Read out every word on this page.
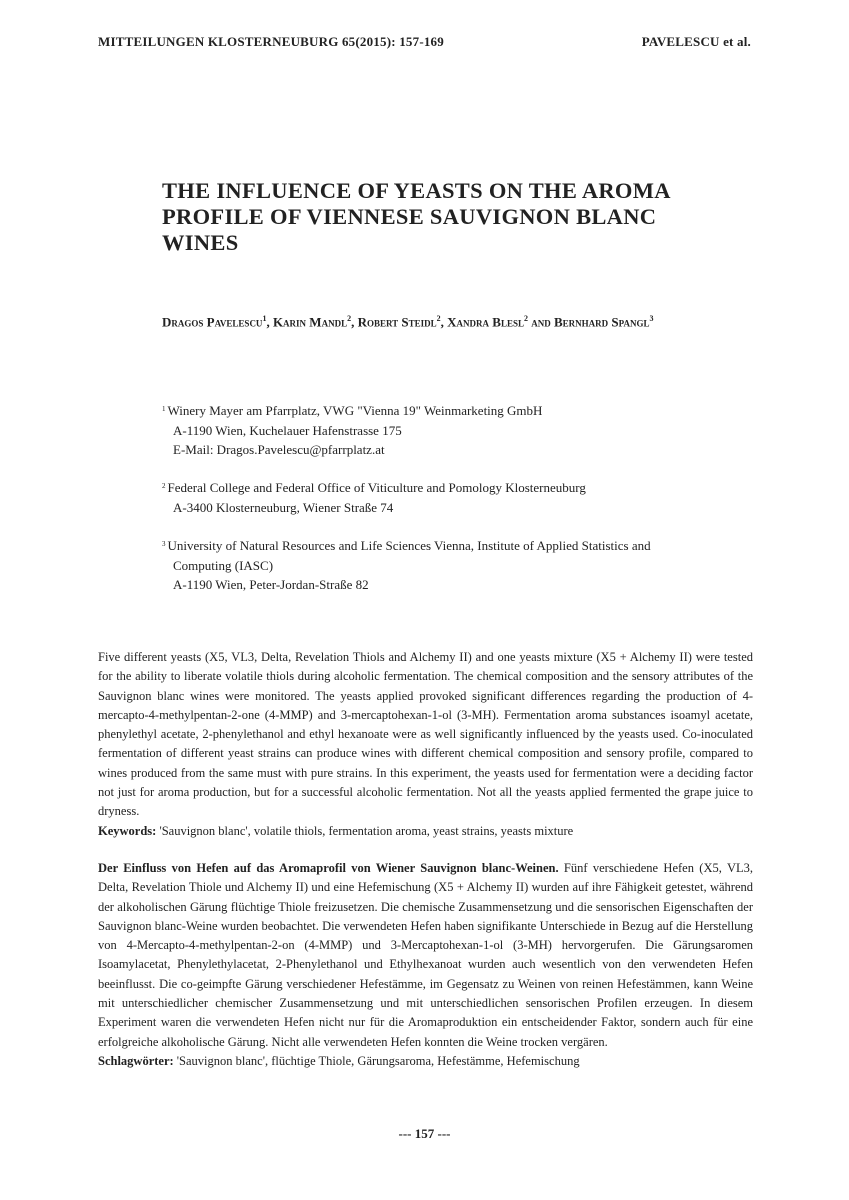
MITTEILUNGEN KLOSTERNEUBURG 65(2015): 157-169	PAVELESCU et al.
THE INFLUENCE OF YEASTS ON THE AROMA PROFILE OF VIENNESE SAUVIGNON BLANC WINES
Dragos Pavelescu$^1$, Karin Mandl$^2$, Robert Steidl$^2$, Xandra Blesl$^2$ and Bernhard Spangl$^3$
$^1$ Winery Mayer am Pfarrplatz, VWG "Vienna 19" Weinmarketing GmbH
A-1190 Wien, Kuchelauer Hafenstrasse 175
E-Mail: Dragos.Pavelescu@pfarrplatz.at
$^2$ Federal College and Federal Office of Viticulture and Pomology Klosterneuburg
A-3400 Klosterneuburg, Wiener Straße 74
$^3$ University of Natural Resources and Life Sciences Vienna, Institute of Applied Statistics and
Computing (IASC)
A-1190 Wien, Peter-Jordan-Straße 82

Five different yeasts (X5, VL3, Delta, Revelation Thiols and Alchemy II) and one yeasts mixture (X5 + Alchemy II) were tested for the ability to liberate volatile thiols during alcoholic fermentation. The chemical composition and the sensory attributes of the Sauvignon blanc wines were monitored. The yeasts applied provoked significant differences regarding the production of 4-mercapto-4-methylpentan-2-one (4-MMP) and 3-mercaptohexan-1-ol (3-MH). Fermentation aroma substances isoamyl acetate, phenylethyl acetate, 2-phenylethanol and ethyl hexanoate were as well significantly influenced by the yeasts used. Co-inoculated fermentation of different yeast strains can produce wines with different chemical composition and sensory profile, compared to wines produced from the same must with pure strains. In this experiment, the yeasts used for fermentation were a deciding factor not just for aroma production, but for a successful alcoholic fermentation. Not all the yeasts applied fermented the grape juice to dryness.

Keywords: 'Sauvignon blanc', volatile thiols, fermentation aroma, yeast strains, yeasts mixture

Der Einfluss von Hefen auf das Aromaprofil von Wiener Sauvignon blanc-Weinen. Fünf verschiedene Hefen (X5, VL3, Delta, Revelation Thiole und Alchemy II) und eine Hefemischung (X5 + Alchemy II) wurden auf ihre Fähigkeit getestet, während der alkoholischen Gärung flüchtige Thiole freizusetzen. Die chemische Zusammensetzung und die sensorischen Eigenschaften der Sauvignon blanc-Weine wurden beobachtet. Die verwendeten Hefen haben signifikante Unterschiede in Bezug auf die Herstellung von 4-Mercapto-4-methylpentan-2-on (4-MMP) und 3-Mercaptohexan-1-ol (3-MH) hervorgerufen. Die Gärungsaromen Isoamylacetat, Phenylethylacetat, 2-Phenylethanol und Ethylhexanoat wurden auch wesentlich von den verwendeten Hefen beeinflusst. Die co-geimpfte Gärung verschiedener Hefestämme, im Gegensatz zu Weinen von reinen Hefestämmen, kann Weine mit unterschiedlicher chemischer Zusammensetzung und mit unterschiedlichen sensorischen Profilen erzeugen. In diesem Experiment waren die verwendeten Hefen nicht nur für die Aromaproduktion ein entscheidender Faktor, sondern auch für eine erfolgreiche alkoholische Gärung. Nicht alle verwendeten Hefen konnten die Weine trocken vergären.

Schlagwörter: 'Sauvignon blanc', flüchtige Thiole, Gärungsaroma, Hefestämme, Hefemischung

--- 157 ---
